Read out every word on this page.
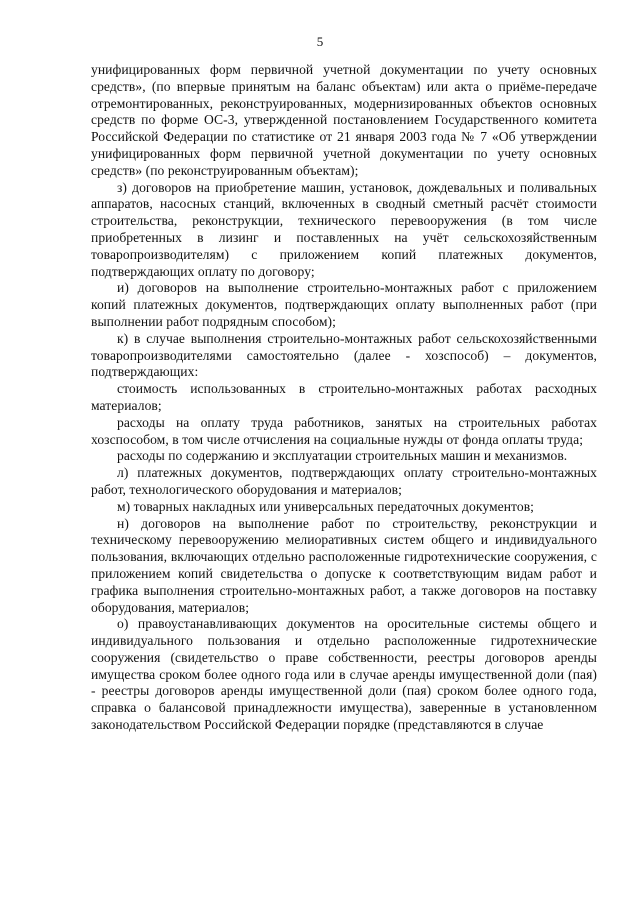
5

унифицированных форм первичной учетной документации по учету основных средств», (по впервые принятым на баланс объектам) или акта о приёме-передаче отремонтированных, реконструированных, модернизированных объектов основных средств по форме ОС-3, утвержденной постановлением Государственного комитета Российской Федерации по статистике от 21 января 2003 года № 7 «Об утверждении унифицированных форм первичной учетной документации по учету основных средств» (по реконструированным объектам);

з) договоров на приобретение машин, установок, дождевальных и поливальных аппаратов, насосных станций, включенных в сводный сметный расчёт стоимости строительства, реконструкции, технического перевооружения (в том числе приобретенных в лизинг и поставленных на учёт сельскохозяйственным товаропроизводителям) с приложением копий платежных документов, подтверждающих оплату по договору;

и) договоров на выполнение строительно-монтажных работ с приложением копий платежных документов, подтверждающих оплату выполненных работ (при выполнении работ подрядным способом);

к) в случае выполнения строительно-монтажных работ сельскохозяйственными товаропроизводителями самостоятельно (далее - хозспособ) – документов, подтверждающих:

стоимость использованных в строительно-монтажных работах расходных материалов;

расходы на оплату труда работников, занятых на строительных работах хозспособом, в том числе отчисления на социальные нужды от фонда оплаты труда;

расходы по содержанию и эксплуатации строительных машин и механизмов.

л) платежных документов, подтверждающих оплату строительно-монтажных работ, технологического оборудования и материалов;

м) товарных накладных или универсальных передаточных документов;

н) договоров на выполнение работ по строительству, реконструкции и техническому перевооружению мелиоративных систем общего и индивидуального пользования, включающих отдельно расположенные гидротехнические сооружения, с приложением копий свидетельства о допуске к соответствующим видам работ и графика выполнения строительно-монтажных работ, а также договоров на поставку оборудования, материалов;

о) правоустанавливающих документов на оросительные системы общего и индивидуального пользования и отдельно расположенные гидротехнические сооружения (свидетельство о праве собственности, реестры договоров аренды имущества сроком более одного года или в случае аренды имущественной доли (пая) - реестры договоров аренды имущественной доли (пая) сроком более одного года, справка о балансовой принадлежности имущества), заверенные в установленном законодательством Российской Федерации порядке (представляются в случае
